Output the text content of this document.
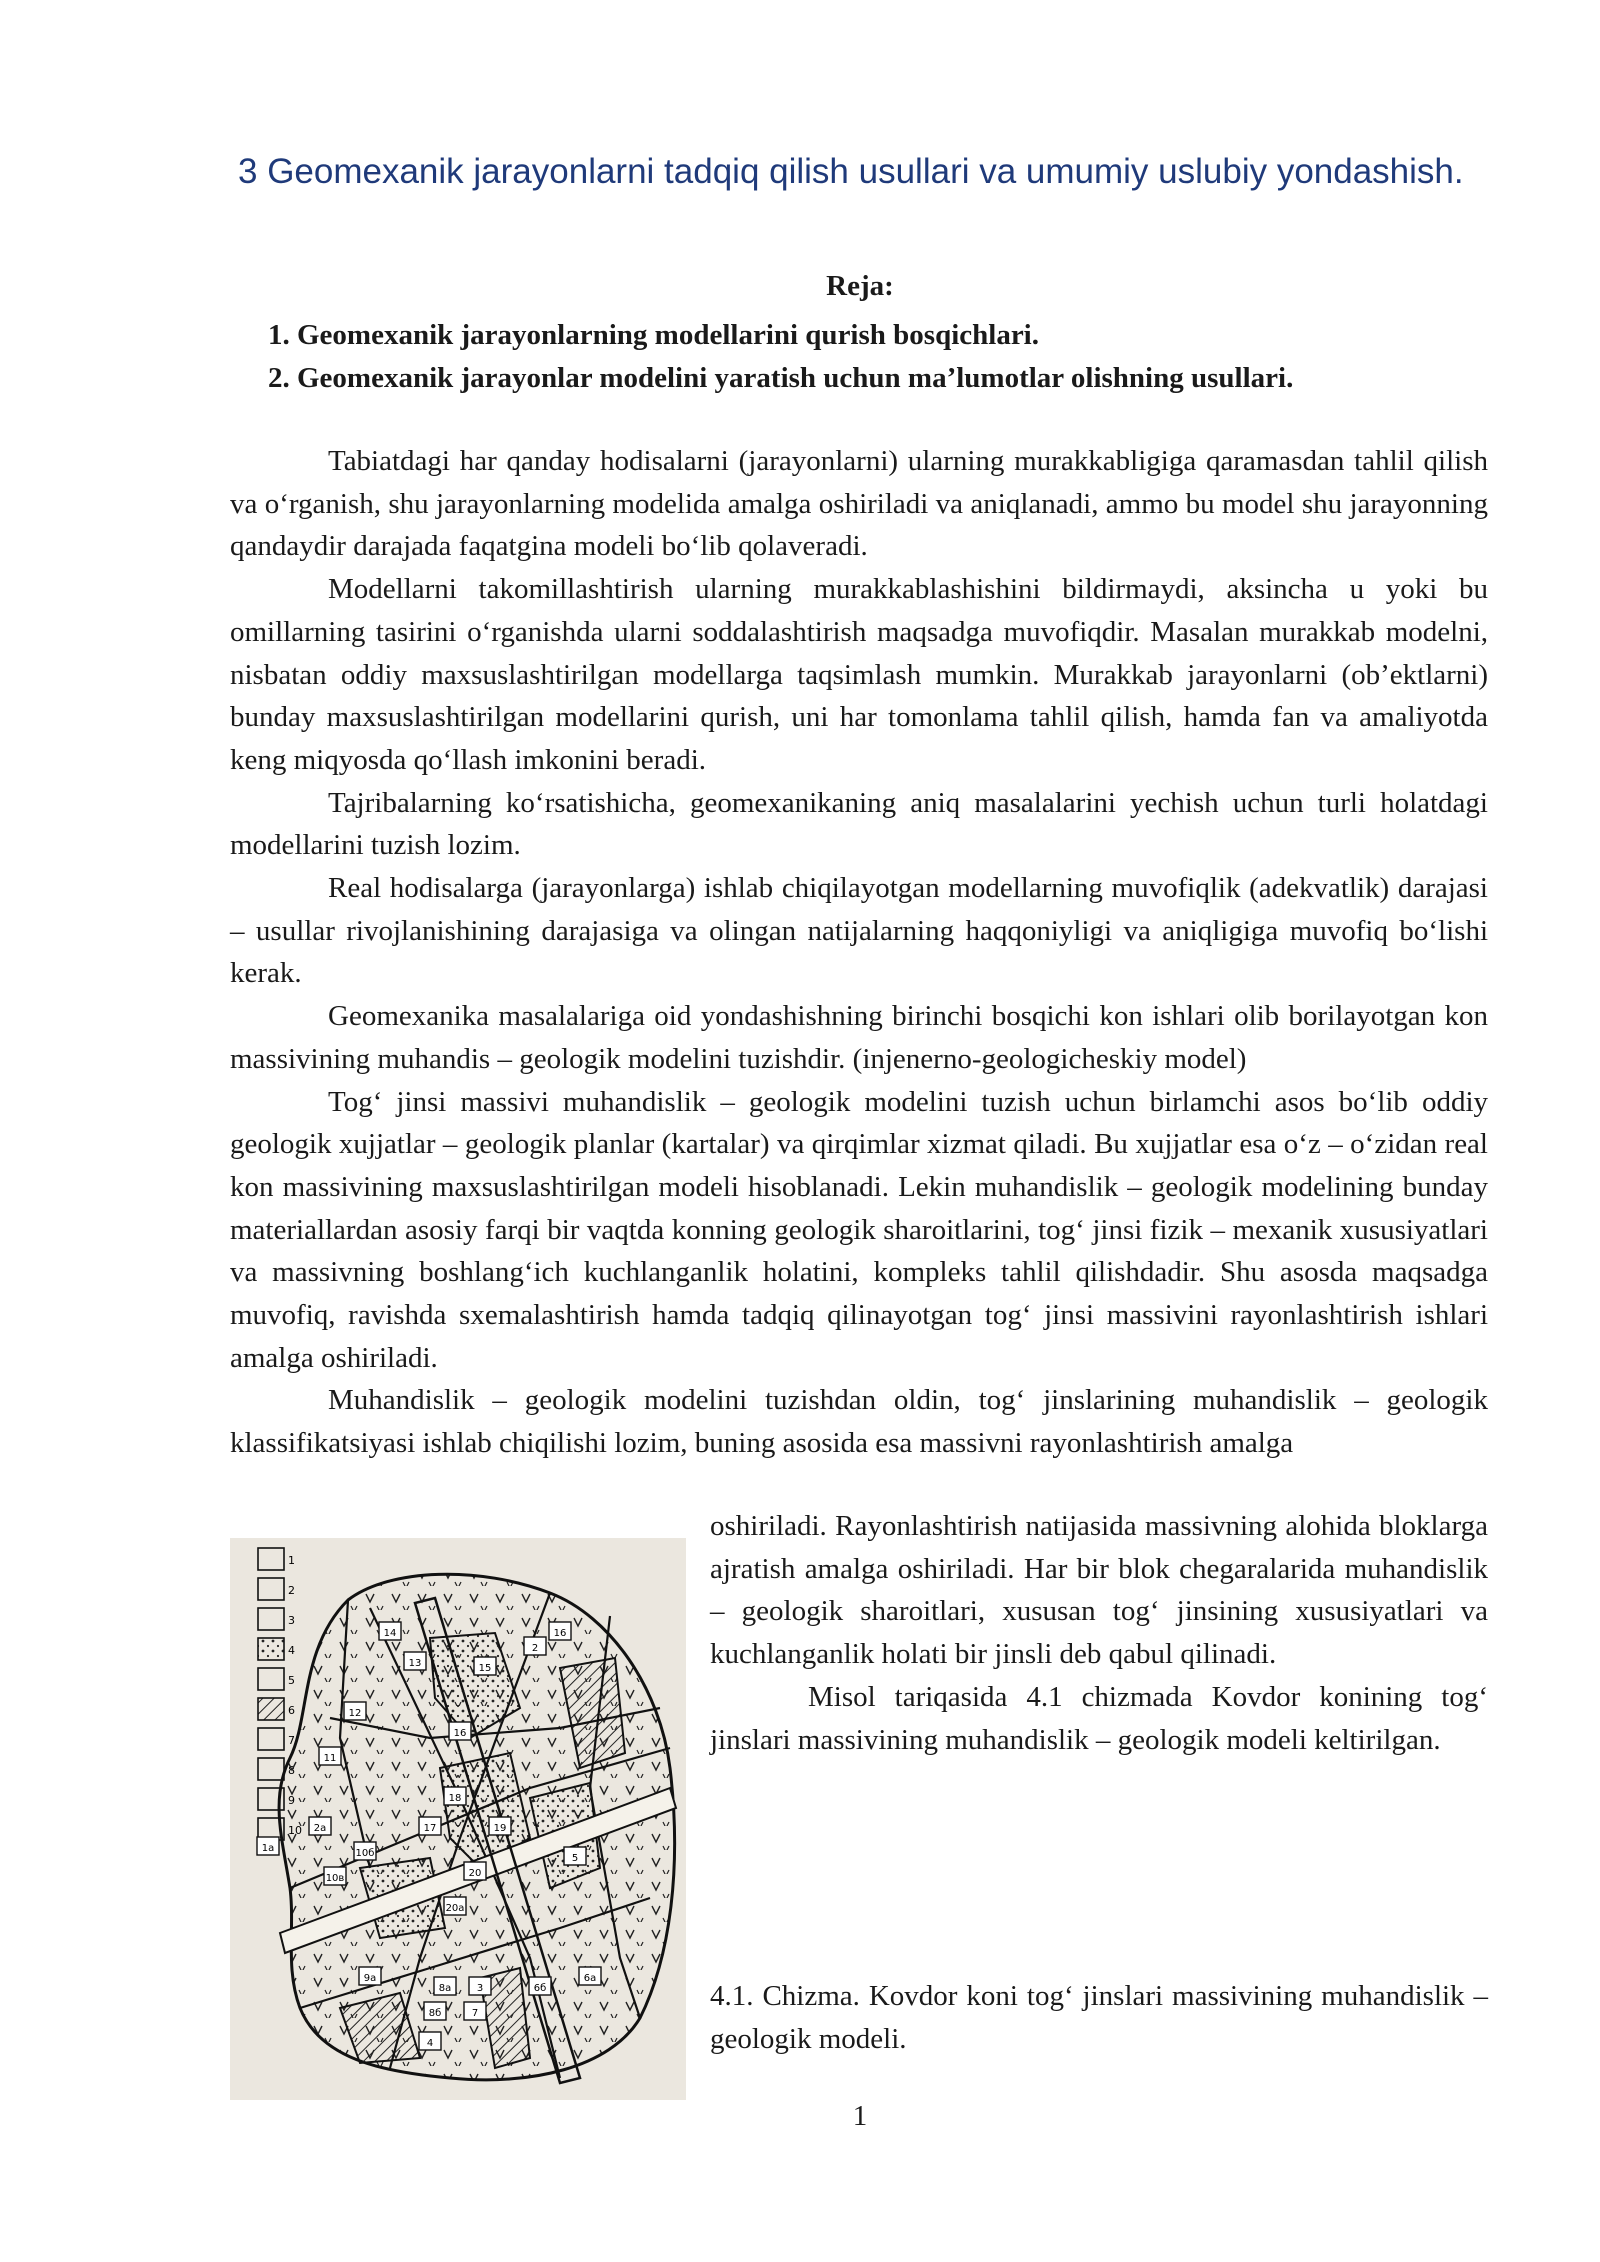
3 Geomexanik jarayonlarni tadqiq qilish usullari va umumiy uslubiy yondashish.
Reja:
1. Geomexanik jarayonlarning modellarini qurish bosqichlari.
2. Geomexanik jarayonlar modelini yaratish uchun ma’lumotlar olishning usullari.

Tabiatdagi har qanday hodisalarni (jarayonlarni) ularning murakkabligiga qaramasdan tahlil qilish va o‘rganish, shu jarayonlarning modelida amalga oshiriladi va aniqlanadi, ammo bu model shu jarayonning qandaydir darajada faqatgina modeli bo‘lib qolaveradi.

Modellarni takomillashtirish ularning murakkablashishini bildirmaydi, aksincha u yoki bu omillarning tasirini o‘rganishda ularni soddalashtirish maqsadga muvofiqdir. Masalan murakkab modelni, nisbatan oddiy maxsuslashtirilgan modellarga taqsimlash mumkin. Murakkab jarayonlarni (ob’ektlarni) bunday maxsuslashtirilgan modellarini qurish, uni har tomonlama tahlil qilish, hamda fan va amaliyotda keng miqyosda qo‘llash imkonini beradi.

Tajribalarning ko‘rsatishicha, geomexanikaning aniq masalalarini yechish uchun turli holatdagi modellarini tuzish lozim.

Real hodisalarga (jarayonlarga) ishlab chiqilayotgan modellarning muvofiqlik (adekvatlik) darajasi – usullar rivojlanishining darajasiga va olingan natijalarning haqqoniyligi va aniqligiga muvofiq bo‘lishi kerak.

Geomexanika masalalariga oid yondashishning birinchi bosqichi kon ishlari olib borilayotgan kon massivining muhandis – geologik modelini tuzishdir. (injenerno-geologicheskiy model)

Tog‘ jinsi massivi muhandislik – geologik modelini tuzish uchun birlamchi asos bo‘lib oddiy geologik xujjatlar – geologik planlar (kartalar) va qirqimlar xizmat qiladi. Bu xujjatlar esa o‘z – o‘zidan real kon massivining maxsuslashtirilgan modeli hisoblanadi. Lekin muhandislik – geologik modelining bunday materiallardan asosiy farqi bir vaqtda konning geologik sharoitlarini, tog‘ jinsi fizik – mexanik xususiyatlari va massivning boshlang‘ich kuchlanganlik holatini, kompleks tahlil qilishdadir. Shu asosda maqsadga muvofiq, ravishda sxemalashtirish hamda tadqiq qilinayotgan tog‘ jinsi massivini rayonlashtirish ishlari amalga oshiriladi.

Muhandislik – geologik modelini tuzishdan oldin, tog‘ jinslarining muhandislik – geologik klassifikatsiyasi ishlab chiqilishi lozim, buning asosida esa massivni rayonlashtirish amalga

1
2
3
4
5
6
7
14	16
2
13	15
12
16
11
18
17	19
20
5
10б
10в
20а
2а
9а
8а	3	6б
6а
7
8б
4
1а

oshiriladi. Rayonlashtirish natijasida massivning alohida bloklarga ajratish amalga oshiriladi. Har bir blok chegaralarida muhandislik – geologik sharoitlari, xususan tog‘ jinsining xususiyatlari va kuchlanganlik holati bir jinsli deb qabul qilinadi.

Misol tariqasida 4.1 chizmada Kovdor konining tog‘ jinslari massivining muhandislik – geologik modeli keltirilgan.

4.1. Chizma. Kovdor koni tog‘ jinslari massivining muhandislik – geologik modeli.
1
